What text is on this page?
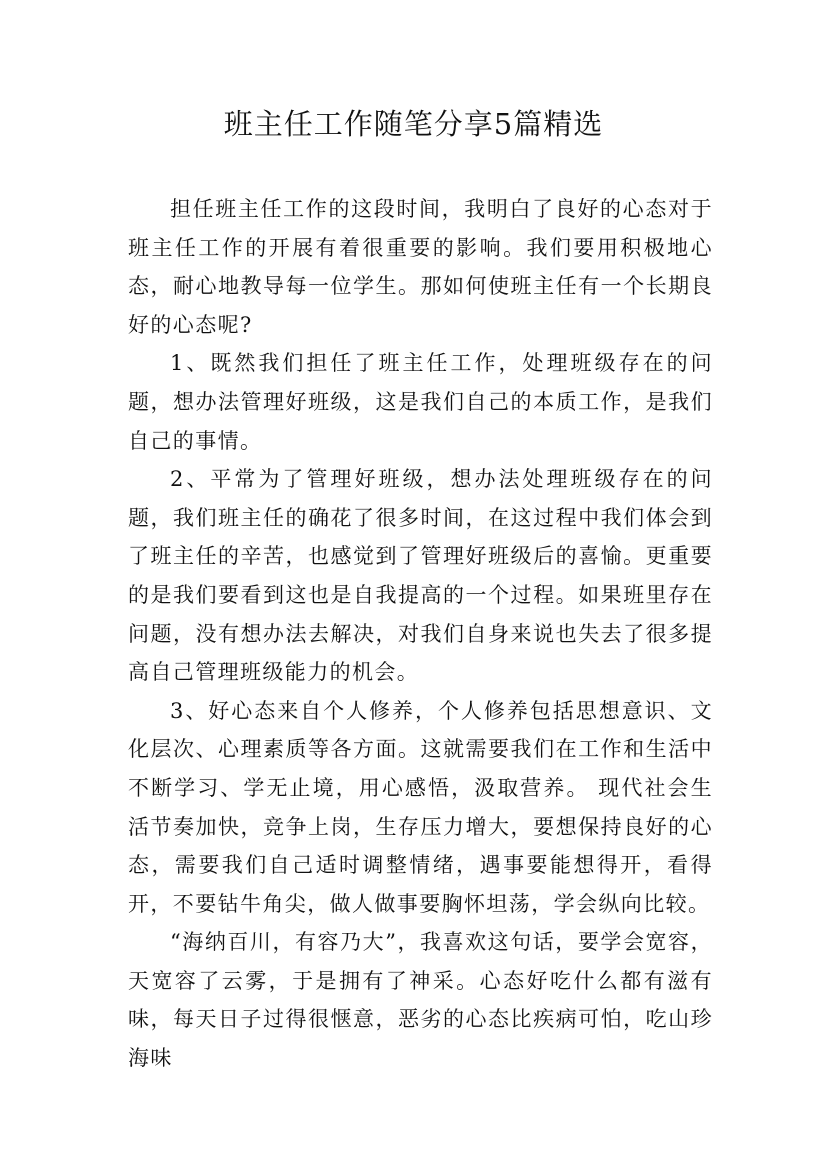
班主任工作随笔分享5篇精选

担任班主任工作的这段时间，我明白了良好的心态对于班主任工作的开展有着很重要的影响。我们要用积极地心态，耐心地教导每一位学生。那如何使班主任有一个长期良好的心态呢?

1、既然我们担任了班主任工作，处理班级存在的问题，想办法管理好班级，这是我们自己的本质工作，是我们自己的事情。

2、平常为了管理好班级，想办法处理班级存在的问题，我们班主任的确花了很多时间，在这过程中我们体会到了班主任的辛苦，也感觉到了管理好班级后的喜愉。更重要的是我们要看到这也是自我提高的一个过程。如果班里存在问题，没有想办法去解决，对我们自身来说也失去了很多提高自己管理班级能力的机会。

3、好心态来自个人修养，个人修养包括思想意识、文化层次、心理素质等各方面。这就需要我们在工作和生活中不断学习、学无止境，用心感悟，汲取营养。 现代社会生活节奏加快，竞争上岗，生存压力增大，要想保持良好的心态，需要我们自己适时调整情绪，遇事要能想得开，看得开，不要钻牛角尖，做人做事要胸怀坦荡，学会纵向比较。

“海纳百川，有容乃大”，我喜欢这句话，要学会宽容，天宽容了云雾，于是拥有了神采。心态好吃什么都有滋有味，每天日子过得很惬意，恶劣的心态比疾病可怕，吃山珍海味
